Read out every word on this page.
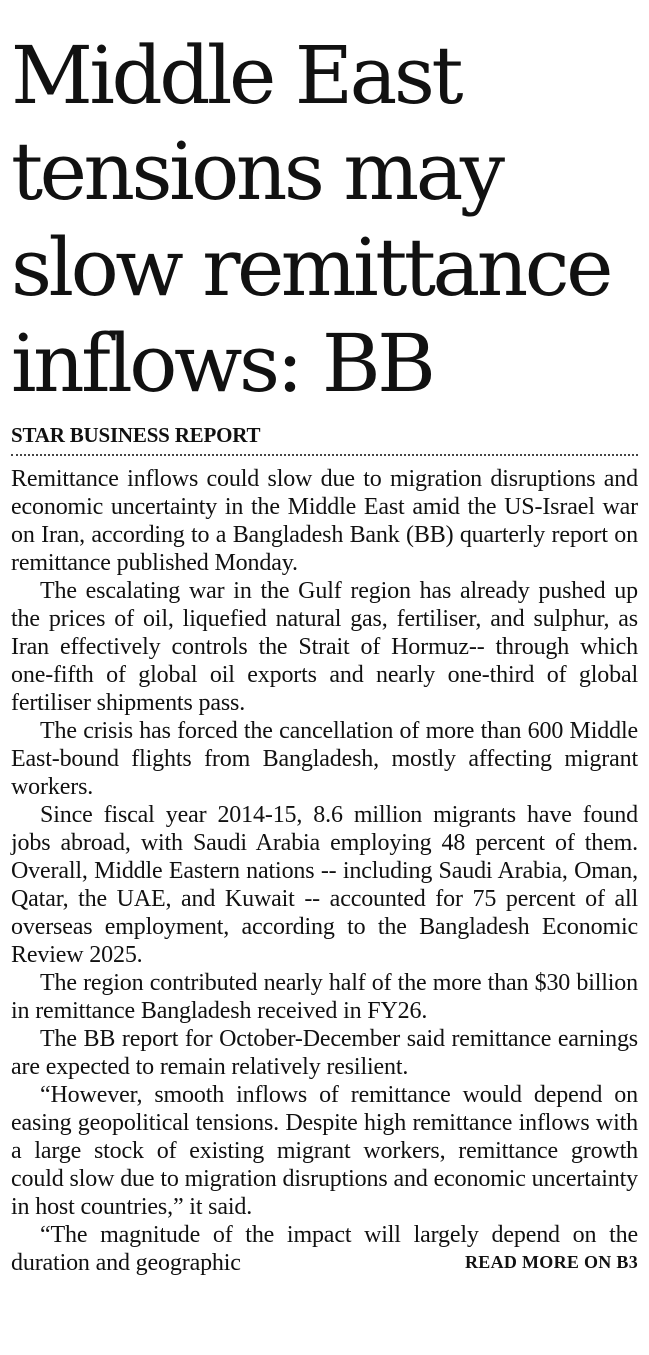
Middle East
tensions may
slow remittance
inflows: BB
STAR BUSINESS REPORT

Remittance inflows could slow due to migration disruptions and economic uncertainty in the Middle East amid the US-Israel war on Iran, according to a Bangladesh Bank (BB) quarterly report on remittance published Monday.

The escalating war in the Gulf region has already pushed up the prices of oil, liquefied natural gas, fertiliser, and sulphur, as Iran effectively controls the Strait of Hormuz-- through which one-fifth of global oil exports and nearly one-third of global fertiliser shipments pass.

The crisis has forced the cancellation of more than 600 Middle East-bound flights from Bangladesh, mostly affecting migrant workers.

Since fiscal year 2014-15, 8.6 million migrants have found jobs abroad, with Saudi Arabia employing 48 percent of them. Overall, Middle Eastern nations -- including Saudi Arabia, Oman, Qatar, the UAE, and Kuwait -- accounted for 75 percent of all overseas employment, according to the Bangladesh Economic Review 2025.

The region contributed nearly half of the more than $30 billion in remittance Bangladesh received in FY26.

The BB report for October-December said remittance earnings are expected to remain relatively resilient.

“However, smooth inflows of remittance would depend on easing geopolitical tensions. Despite high remittance inflows with a large stock of existing migrant workers, remittance growth could slow due to migration disruptions and economic uncertainty in host countries,” it said.

“The magnitude of the impact will largely depend on the duration and geographic	READ MORE ON B3
